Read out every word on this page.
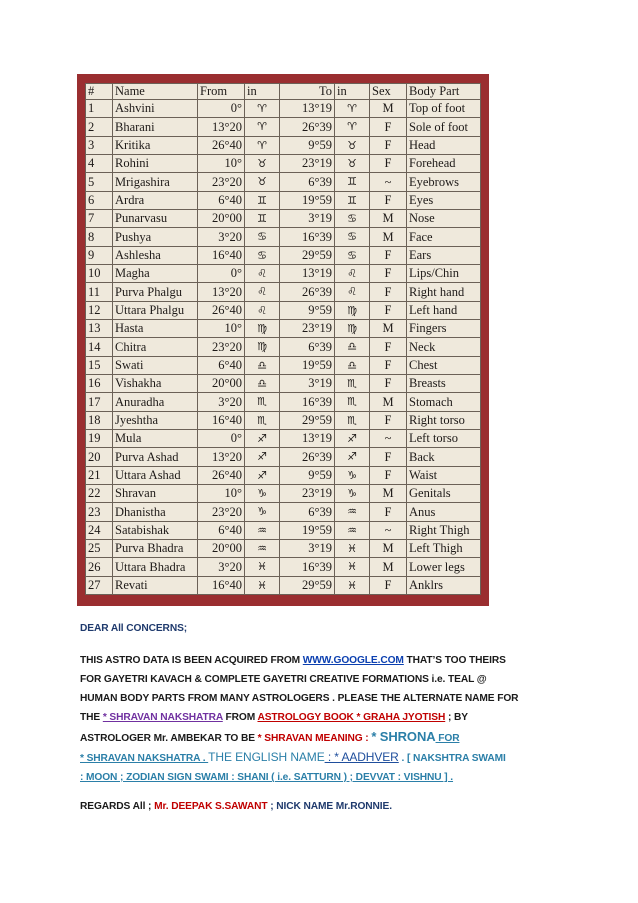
#	Name	From	in	To	in	Sex	Body Part
1	Ashvini	0°	♈	13°19	♈	M	Top of foot
2	Bharani	13°20	♈	26°39	♈	F	Sole of foot
3	Kritika	26°40	♈	9°59	♉	F	Head
4	Rohini	10°	♉	23°19	♉	F	Forehead
5	Mrigashira	23°20	♉	6°39	♊	~	Eyebrows
6	Ardra	6°40	♊	19°59	♊	F	Eyes
7	Punarvasu	20°00	♊	3°19	♋	M	Nose
8	Pushya	3°20	♋	16°39	♋	M	Face
9	Ashlesha	16°40	♋	29°59	♋	F	Ears
10	Magha	0°	♌	13°19	♌	F	Lips/Chin
11	Purva Phalgu	13°20	♌	26°39	♌	F	Right hand
12	Uttara Phalgu	26°40	♌	9°59	♍	F	Left hand
13	Hasta	10°	♍	23°19	♍	M	Fingers
14	Chitra	23°20	♍	6°39	♎	F	Neck
15	Swati	6°40	♎	19°59	♎	F	Chest
16	Vishakha	20°00	♎	3°19	♏	F	Breasts
17	Anuradha	3°20	♏	16°39	♏	M	Stomach
18	Jyeshtha	16°40	♏	29°59	♏	F	Right torso
19	Mula	0°	♐	13°19	♐	~	Left torso
20	Purva Ashad	13°20	♐	26°39	♐	F	Back
21	Uttara Ashad	26°40	♐	9°59	♑	F	Waist
22	Shravan	10°	♑	23°19	♑	M	Genitals
23	Dhanistha	23°20	♑	6°39	♒	F	Anus
24	Satabishak	6°40	♒	19°59	♒	~	Right Thigh
25	Purva Bhadra	20°00	♒	3°19	♓	M	Left Thigh
26	Uttara Bhadra	3°20	♓	16°39	♓	M	Lower legs
27	Revati	16°40	♓	29°59	♓	F	Anklrs
DEAR All CONCERNS;
THIS ASTRO DATA IS BEEN ACQUIRED FROM WWW.GOOGLE.COM THAT’S TOO THEIRS
FOR GAYETRI KAVACH & COMPLETE GAYETRI CREATIVE FORMATIONS i.e. TEAL @
HUMAN BODY PARTS FROM MANY ASTROLOGERS . PLEASE THE ALTERNATE NAME FOR
THE * SHRAVAN NAKSHATRA FROM ASTROLOGY BOOK * GRAHA JYOTISH ; BY
ASTROLOGER Mr. AMBEKAR TO BE * SHRAVAN MEANING : * SHRONA FOR
* SHRAVAN NAKSHATRA . THE ENGLISH NAME : * AADHVER . [ NAKSHTRA SWAMI
: MOON ; ZODIAN SIGN SWAMI : SHANI ( i.e. SATTURN ) ; DEVVAT : VISHNU ] .
REGARDS All ; Mr. DEEPAK S.SAWANT ; NICK NAME Mr.RONNIE.
